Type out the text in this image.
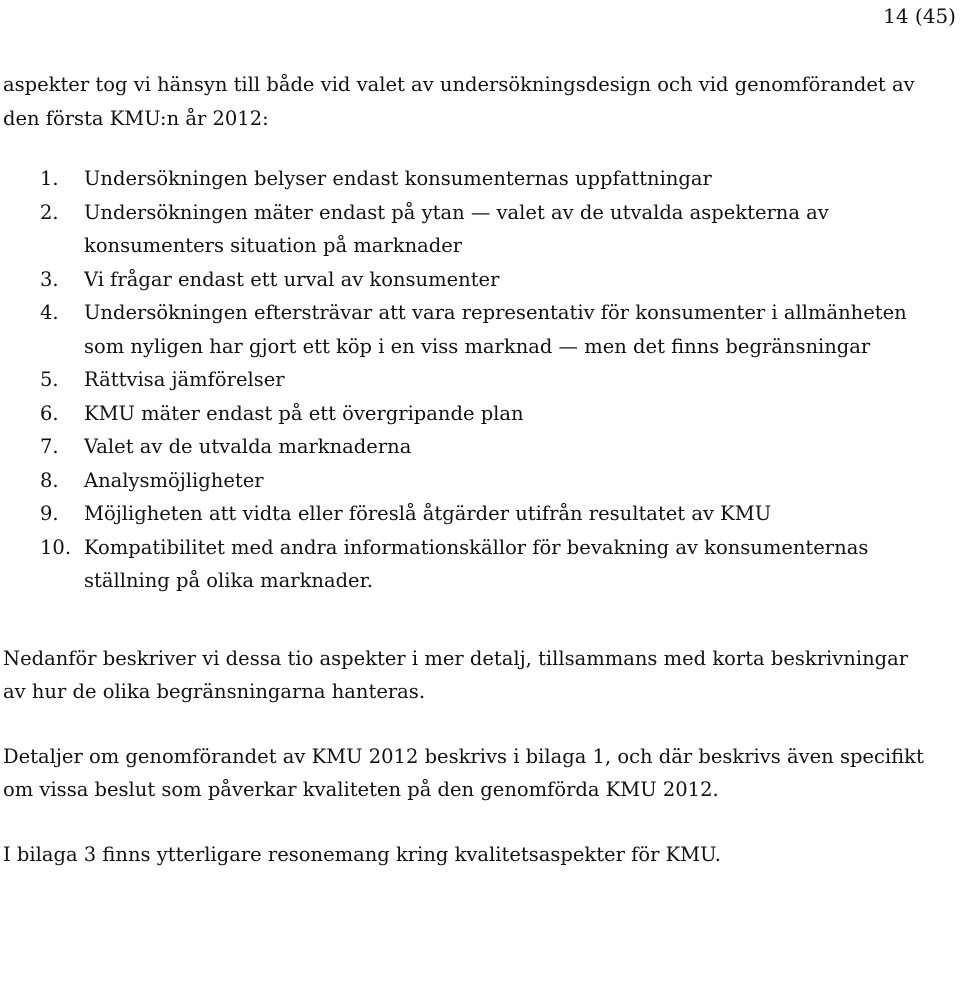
14 (45)

aspekter tog vi hänsyn till både vid valet av undersökningsdesign och vid genomförandet av den första KMU:n år 2012:

1.	Undersökningen belyser endast konsumenternas uppfattningar
2.	Undersökningen mäter endast på ytan — valet av de utvalda aspekterna av konsumenters situation på marknader
3.	Vi frågar endast ett urval av konsumenter
4.	Undersökningen eftersträvar att vara representativ för konsumenter i allmänheten som nyligen har gjort ett köp i en viss marknad — men det finns begränsningar
5.	Rättvisa jämförelser
6.	KMU mäter endast på ett övergripande plan
7.	Valet av de utvalda marknaderna
8.	Analysmöjligheter
9.	Möjligheten att vidta eller föreslå åtgärder utifrån resultatet av KMU
10. Kompatibilitet med andra informationskällor för bevakning av konsumenternas ställning på olika marknader.

Nedanför beskriver vi dessa tio aspekter i mer detalj, tillsammans med korta beskrivningar av hur de olika begränsningarna hanteras.

Detaljer om genomförandet av KMU 2012 beskrivs i bilaga 1, och där beskrivs även specifikt om vissa beslut som påverkar kvaliteten på den genomförda KMU 2012.

I bilaga 3 finns ytterligare resonemang kring kvalitetsaspekter för KMU.
